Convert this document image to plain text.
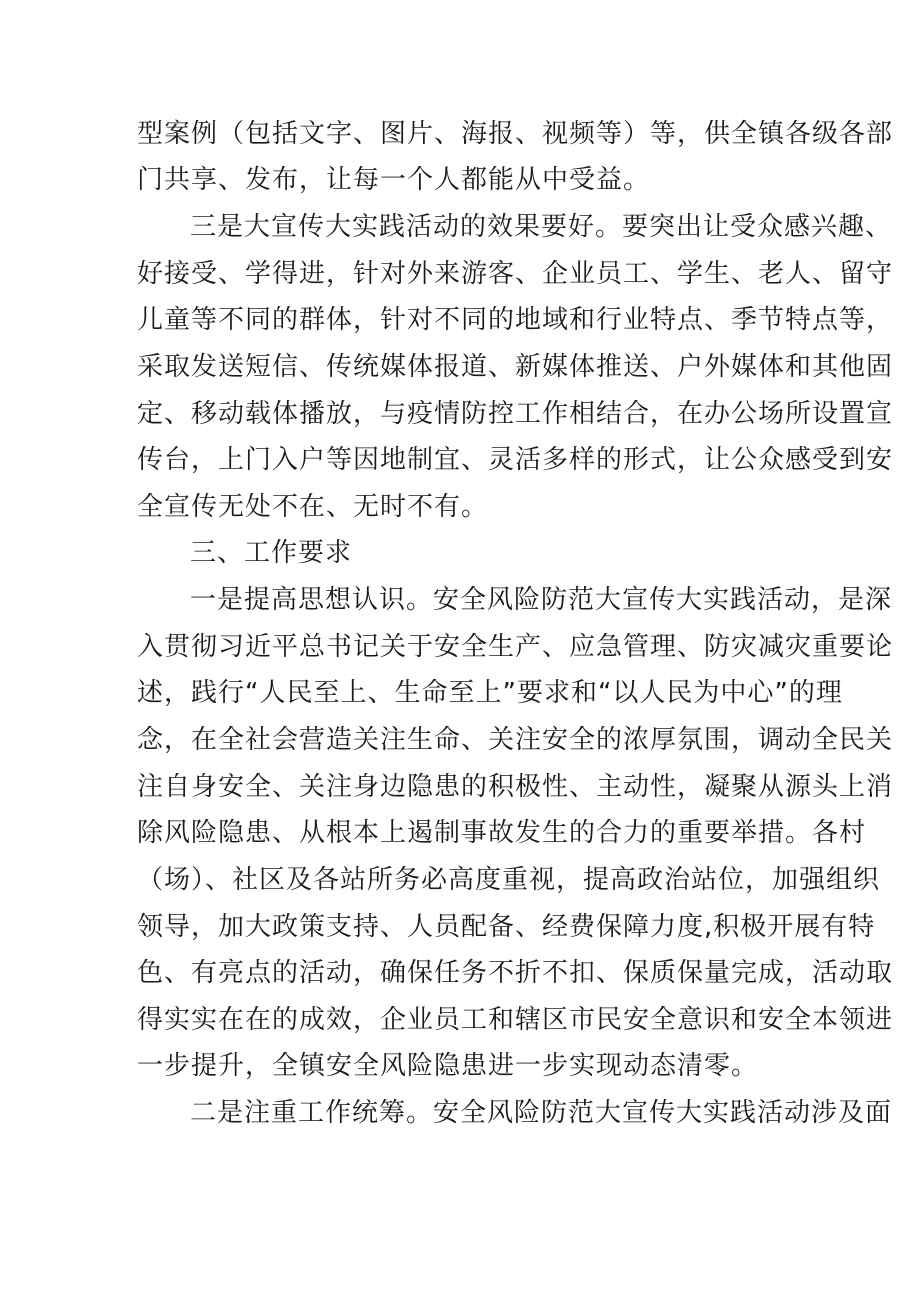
型案例（包括文字、图片、海报、视频等）等，供全镇各级各部
门共享、发布，让每一个人都能从中受益。
三是大宣传大实践活动的效果要好。要突出让受众感兴趣、
好接受、学得进，针对外来游客、企业员工、学生、老人、留守
儿童等不同的群体，针对不同的地域和行业特点、季节特点等，
采取发送短信、传统媒体报道、新媒体推送、户外媒体和其他固
定、移动载体播放，与疫情防控工作相结合，在办公场所设置宣
传台，上门入户等因地制宜、灵活多样的形式，让公众感受到安
全宣传无处不在、无时不有。
三、工作要求
一是提高思想认识。安全风险防范大宣传大实践活动，是深
入贯彻习近平总书记关于安全生产、应急管理、防灾减灾重要论
述，践行“人民至上、生命至上”要求和“以人民为中心”的理
念，在全社会营造关注生命、关注安全的浓厚氛围，调动全民关
注自身安全、关注身边隐患的积极性、主动性，凝聚从源头上消
除风险隐患、从根本上遏制事故发生的合力的重要举措。各村
（场）、社区及各站所务必高度重视，提高政治站位，加强组织
领导，加大政策支持、人员配备、经费保障力度,积极开展有特
色、有亮点的活动，确保任务不折不扣、保质保量完成，活动取
得实实在在的成效，企业员工和辖区市民安全意识和安全本领进
一步提升，全镇安全风险隐患进一步实现动态清零。
二是注重工作统筹。安全风险防范大宣传大实践活动涉及面
